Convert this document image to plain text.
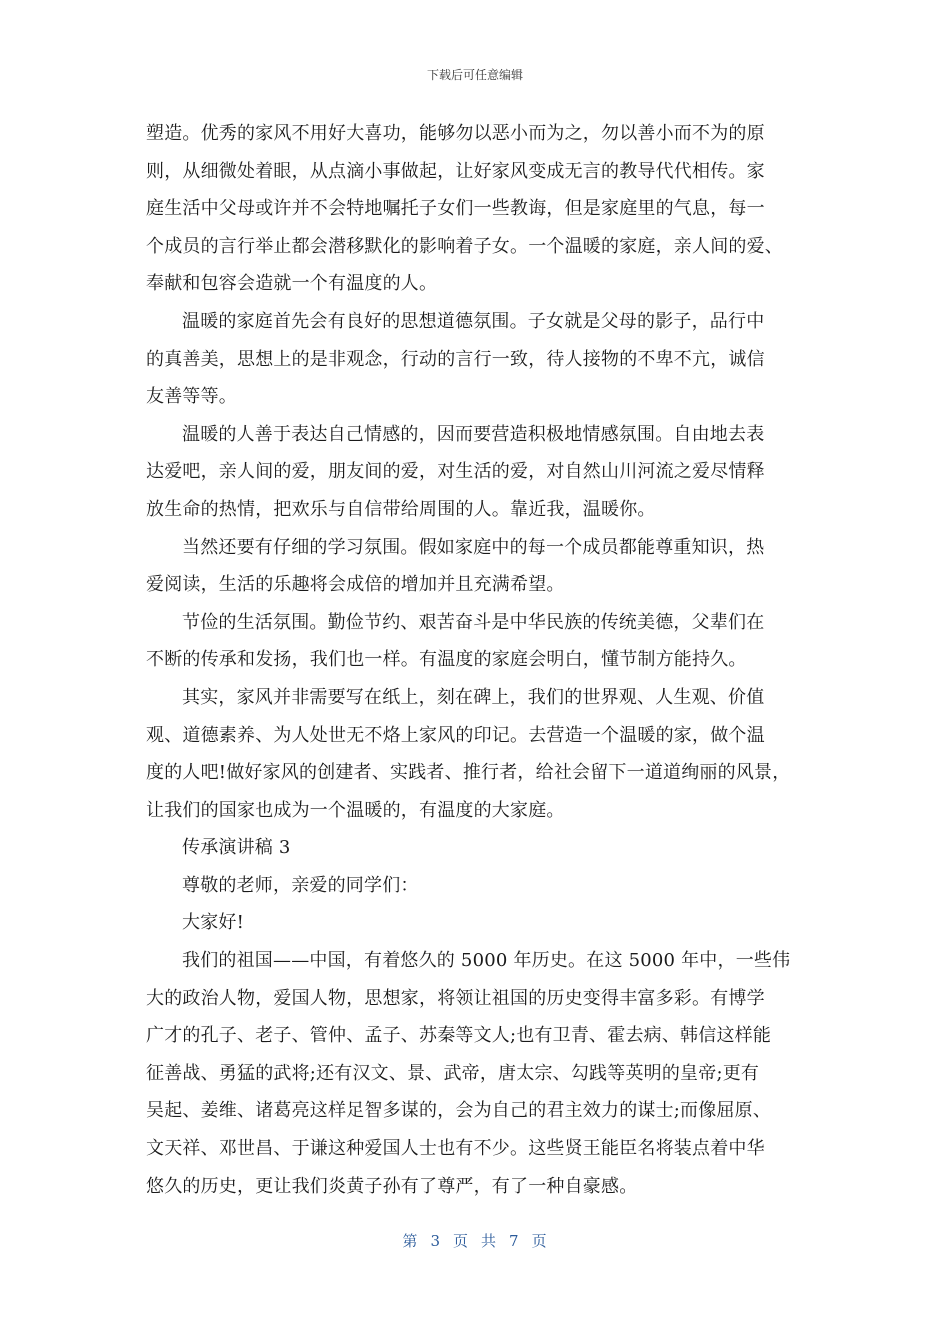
下载后可任意编辑
塑造。优秀的家风不用好大喜功，能够勿以恶小而为之，勿以善小而不为的原
则，从细微处着眼，从点滴小事做起，让好家风变成无言的教导代代相传。家
庭生活中父母或许并不会特地嘱托子女们一些教诲，但是家庭里的气息，每一
个成员的言行举止都会潜移默化的影响着子女。一个温暖的家庭，亲人间的爱、
奉献和包容会造就一个有温度的人。
温暖的家庭首先会有良好的思想道德氛围。子女就是父母的影子，品行中
的真善美，思想上的是非观念，行动的言行一致，待人接物的不卑不亢，诚信
友善等等。
温暖的人善于表达自己情感的，因而要营造积极地情感氛围。自由地去表
达爱吧，亲人间的爱，朋友间的爱，对生活的爱，对自然山川河流之爱尽情释
放生命的热情，把欢乐与自信带给周围的人。靠近我，温暖你。
当然还要有仔细的学习氛围。假如家庭中的每一个成员都能尊重知识，热
爱阅读，生活的乐趣将会成倍的增加并且充满希望。
节俭的生活氛围。勤俭节约、艰苦奋斗是中华民族的传统美德，父辈们在
不断的传承和发扬，我们也一样。有温度的家庭会明白，懂节制方能持久。
其实，家风并非需要写在纸上，刻在碑上，我们的世界观、人生观、价值
观、道德素养、为人处世无不烙上家风的印记。去营造一个温暖的家，做个温
度的人吧!做好家风的创建者、实践者、推行者，给社会留下一道道绚丽的风景，
让我们的国家也成为一个温暖的，有温度的大家庭。
传承演讲稿 3
尊敬的老师，亲爱的同学们：
大家好!
我们的祖国——中国，有着悠久的 5000 年历史。在这 5000 年中，一些伟
大的政治人物，爱国人物，思想家，将领让祖国的历史变得丰富多彩。有博学
广才的孔子、老子、管仲、孟子、苏秦等文人;也有卫青、霍去病、韩信这样能
征善战、勇猛的武将;还有汉文、景、武帝，唐太宗、勾践等英明的皇帝;更有
吴起、姜维、诸葛亮这样足智多谋的，会为自己的君主效力的谋士;而像屈原、
文天祥、邓世昌、于谦这种爱国人士也有不少。这些贤王能臣名将装点着中华
悠久的历史，更让我们炎黄子孙有了尊严，有了一种自豪感。
第 3 页 共 7 页
